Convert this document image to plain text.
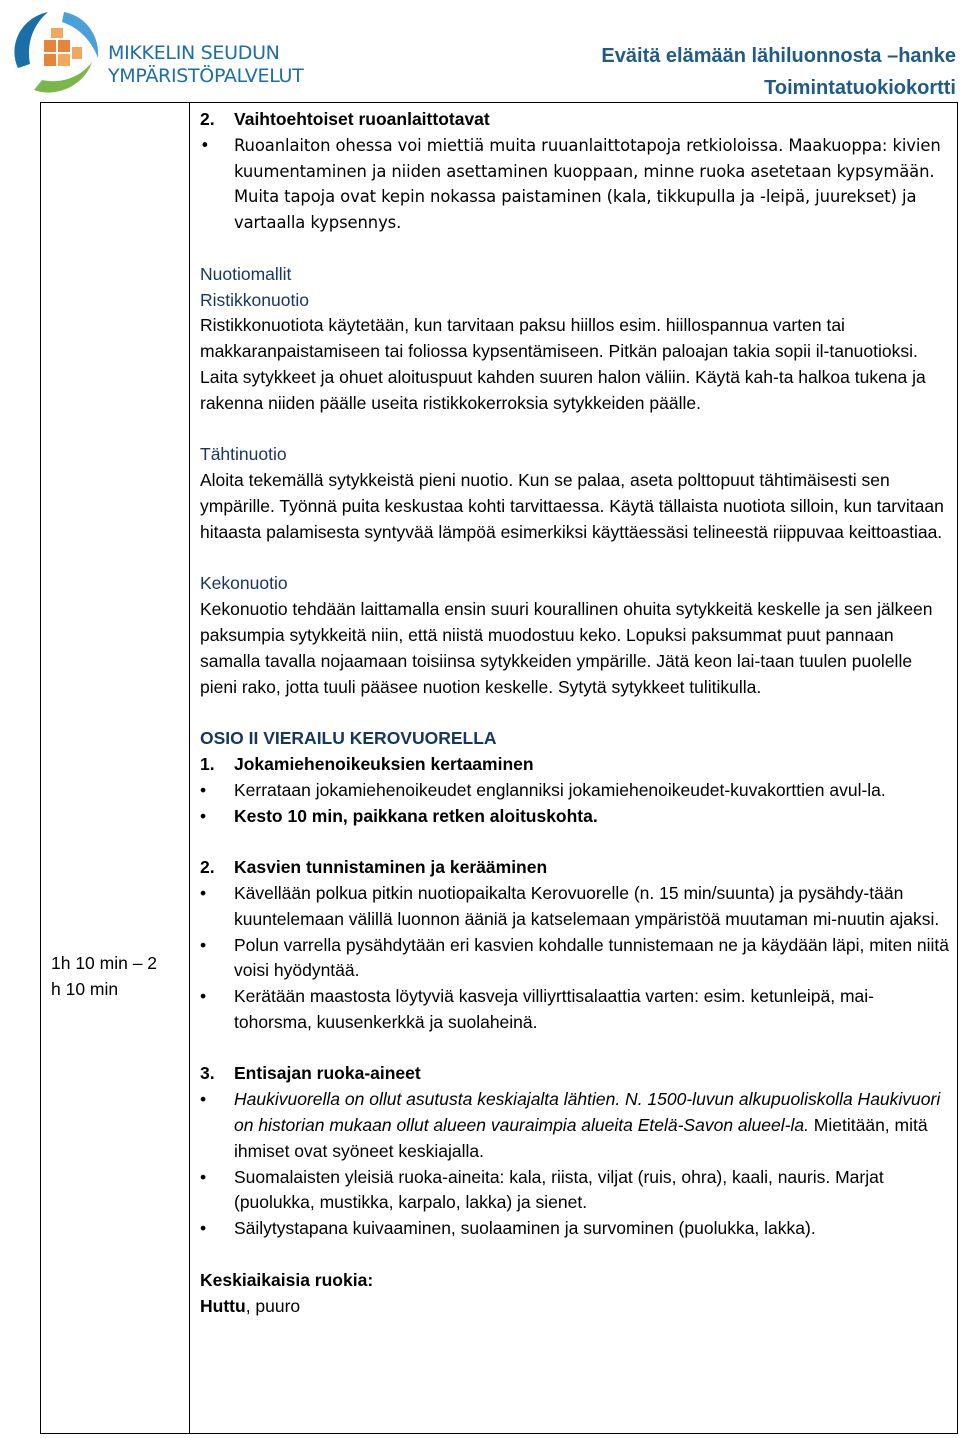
MIKKELIN SEUDUN
YMPÄRISTÖPALVELUT
Eväitä elämään lähiluonnosta –hanke
Toimintatuokiokortti
1h 10 min – 2
h 10 min
2. Vaihtoehtoiset ruoanlaittotavat
•	Ruoanlaiton ohessa voi miettiä muita ruuanlaittotapoja retkioloissa. Maakuoppa: kivien kuumentaminen ja niiden asettaminen kuoppaan, minne ruoka asetetaan kypsymään. Muita tapoja ovat kepin nokassa paistaminen (kala, tikkupulla ja -leipä, juurekset) ja vartaalla kypsennys.
Nuotiomallit
Ristikkonuotio
Ristikkonuotiota käytetään, kun tarvitaan paksu hiillos esim. hiillospannua varten tai makkaranpaistamiseen tai foliossa kypsentämiseen. Pitkän paloajan takia sopii il-tanuotioksi. Laita sytykkeet ja ohuet aloituspuut kahden suuren halon väliin. Käytä kah-ta halkoa tukena ja rakenna niiden päälle useita ristikkokerroksia sytykkeiden päälle.
Tähtinuotio
Aloita tekemällä sytykkeistä pieni nuotio. Kun se palaa, aseta polttopuut tähtimäisesti sen ympärille. Työnnä puita keskustaa kohti tarvittaessa. Käytä tällaista nuotiota silloin, kun tarvitaan hitaasta palamisesta syntyvää lämpöä esimerkiksi käyttäessäsi telineestä riippuvaa keittoastiaa.
Kekonuotio
Kekonuotio tehdään laittamalla ensin suuri kourallinen ohuita sytykkeitä keskelle ja sen jälkeen paksumpia sytykkeitä niin, että niistä muodostuu keko. Lopuksi paksummat puut pannaan samalla tavalla nojaamaan toisiinsa sytykkeiden ympärille. Jätä keon lai-taan tuulen puolelle pieni rako, jotta tuuli pääsee nuotion keskelle. Sytytä sytykkeet tulitikulla.
OSIO II VIERAILU KEROVUORELLA
1. Jokamiehenoikeuksien kertaaminen
•	Kerrataan jokamiehenoikeudet englanniksi jokamiehenoikeudet-kuvakorttien avul-la.
•	Kesto 10 min, paikkana retken aloituskohta.
2. Kasvien tunnistaminen ja kerääminen
•	Kävellään polkua pitkin nuotiopaikalta Kerovuorelle (n. 15 min/suunta) ja pysähdy-tään kuuntelemaan välillä luonnon ääniä ja katselemaan ympäristöä muutaman mi-nuutin ajaksi.
•	Polun varrella pysähdytään eri kasvien kohdalle tunnistemaan ne ja käydään läpi, miten niitä voisi hyödyntää.
•	Kerätään maastosta löytyviä kasveja villiyrttisalaattia varten: esim. ketunleipä, mai-tohorsma, kuusenkerkkä ja suolaheinä.
3. Entisajan ruoka-aineet
•	Haukivuorella on ollut asutusta keskiajalta lähtien. N. 1500-luvun alkupuoliskolla Haukivuori on historian mukaan ollut alueen vauraimpia alueita Etelä-Savon alueel-la. Mietitään, mitä ihmiset ovat syöneet keskiajalla.
•	Suomalaisten yleisiä ruoka-aineita: kala, riista, viljat (ruis, ohra), kaali, nauris. Marjat (puolukka, mustikka, karpalo, lakka) ja sienet.
•	Säilytystapana kuivaaminen, suolaaminen ja survominen (puolukka, lakka).
Keskiaikaisia ruokia:
Huttu, puuro
